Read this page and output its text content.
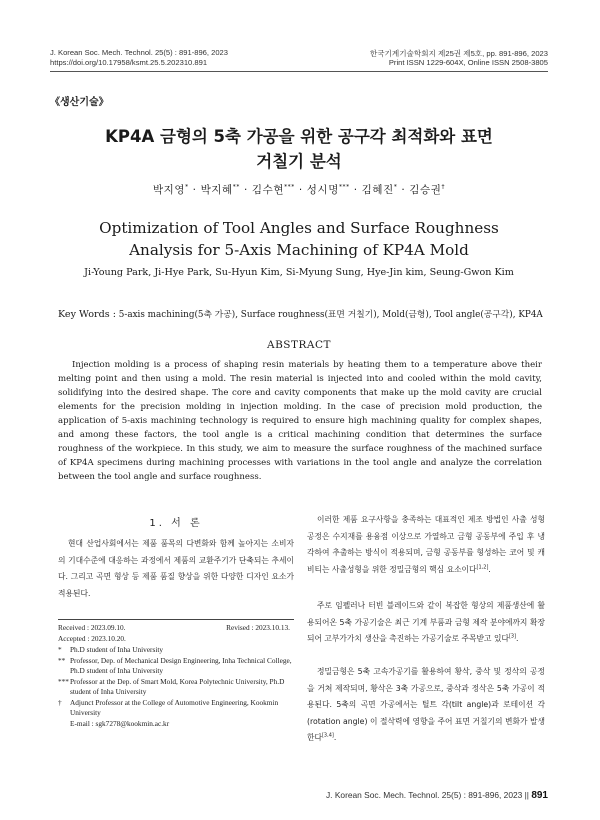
J. Korean Soc. Mech. Technol. 25(5) : 891-896, 2023
https://doi.org/10.17958/ksmt.25.5.202310.891
한국기계기술학회지 제25권 제5호, pp. 891-896, 2023
Print ISSN 1229-604X, Online ISSN 2508-3805
《생산기술》
KP4A 금형의 5축 가공을 위한 공구각 최적화와 표면
거칠기 분석
박지영* · 박지혜** · 김수현*** · 성시명*** · 김혜진* · 김승권†
Optimization of Tool Angles and Surface Roughness
Analysis for 5-Axis Machining of KP4A Mold
Ji-Young Park, Ji-Hye Park, Su-Hyun Kim, Si-Myung Sung, Hye-Jin kim, Seung-Gwon Kim
Key Words : 5-axis machining(5축 가공), Surface roughness(표면 거칠기), Mold(금형), Tool angle(공구각), KP4A
ABSTRACT

Injection molding is a process of shaping resin materials by heating them to a temperature above their melting point and then using a mold. The resin material is injected into and cooled within the mold cavity, solidifying into the desired shape. The core and cavity components that make up the mold cavity are crucial elements for the precision molding in injection molding. In the case of precision mold production, the application of 5-axis machining technology is required to ensure high machining quality for complex shapes, and among these factors, the tool angle is a critical machining condition that determines the surface roughness of the workpiece. In this study, we aim to measure the surface roughness of the machined surface of KP4A specimens during machining processes with variations in the tool angle and analyze the correlation between the tool angle and surface roughness.

1. 서 론

현대 산업사회에서는 제품 품목의 다변화와 함께 높아지는 소비자의 기대수준에 대응하는 과정에서 제품의 교환주기가 단축되는 추세이다. 그리고 곡면 형상 등 제품 품질 향상을 위한 다양한 디자인 요소가 적용된다.

이러한 제품 요구사항을 충족하는 대표적인 제조 방법인 사출 성형 공정은 수지재를 용융점 이상으로 가열하고 금형 공동부에 주입 후 냉각하여 추출하는 방식이 적용되며, 금형 공동부를 형성하는 코어 및 캐비티는 사출성형을 위한 정밀금형의 핵심 요소이다[1,2].

주로 임펠러나 터빈 블레이드와 같이 복잡한 형상의 제품생산에 활용되어온 5축 가공기술은 최근 기계 부품과 금형 제작 분야에까지 확장되어 고부가가치 생산을 촉진하는 가공기술로 주목받고 있다[3].

정밀금형은 5축 고속가공기를 활용하여 황삭, 중삭 및 정삭의 공정을 거쳐 제작되며, 황삭은 3축 가공으로, 중삭과 정삭은 5축 가공이 적용된다. 5축의 곡면 가공에서는 틸트 각(tilt angle)과 로테이션 각(rotation angle) 이 절삭력에 영향을 주어 표면 거칠기의 변화가 발생한다[3,4].

Received : 2023.09.10.	Revised : 2023.10.13.
Accepted : 2023.10.20.
*	Ph.D student of Inha University
** Professor, Dep. of Mechanical Design Engineering, Inha Technical College, Ph.D student of Inha University
*** Professor at the Dep. of Smart Mold, Korea Polytechnic University, Ph.D student of Inha University
†	Adjunct Professor at the College of Automotive Engineering, Kookmin University
E-mail : sgk7278@kookmin.ac.kr
J. Korean Soc. Mech. Technol. 25(5) : 891-896, 2023 || 891
